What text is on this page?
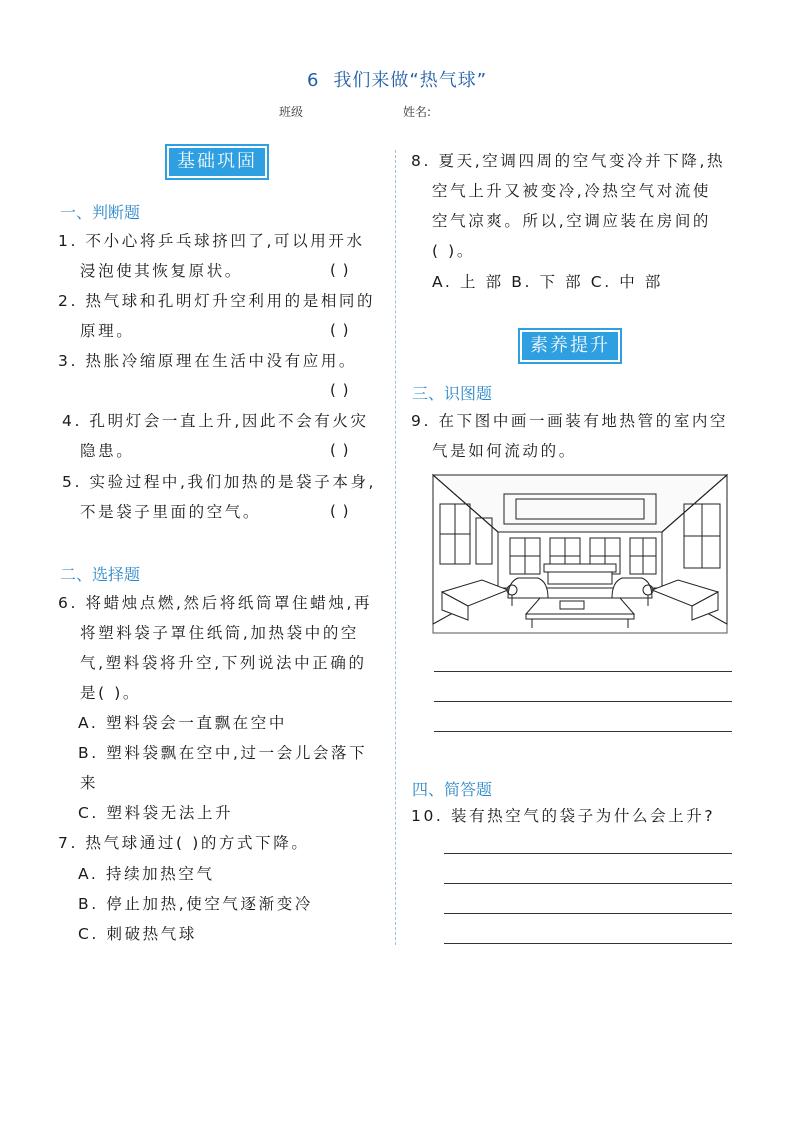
6 我们来做“热气球”
班级	姓名:
基础巩固
一、判断题
1. 不小心将乒乓球挤凹了,可以用开水
浸泡使其恢复原状。	( )
2. 热气球和孔明灯升空利用的是相同的
原理。	( )
3. 热胀冷缩原理在生活中没有应用。
( )
4. 孔明灯会一直上升,因此不会有火灾
隐患。	( )
5. 实验过程中,我们加热的是袋子本身,
不是袋子里面的空气。	( )
二、选择题
6. 将蜡烛点燃,然后将纸筒罩住蜡烛,再
将塑料袋子罩住纸筒,加热袋中的空
气,塑料袋将升空,下列说法中正确的
是( )。
A. 塑料袋会一直飘在空中
B. 塑料袋飘在空中,过一会儿会落下
来
C. 塑料袋无法上升
7. 热气球通过( )的方式下降。
A. 持续加热空气
B. 停止加热,使空气逐渐变冷
C. 刺破热气球
8. 夏天,空调四周的空气变冷并下降,热
空气上升又被变冷,冷热空气对流使
空气凉爽。所以,空调应装在房间的
( )。
A. 上 部 B. 下 部 C. 中 部
素养提升
三、识图题
9. 在下图中画一画装有地热管的室内空
气是如何流动的。
四、简答题
10. 装有热空气的袋子为什么会上升?
